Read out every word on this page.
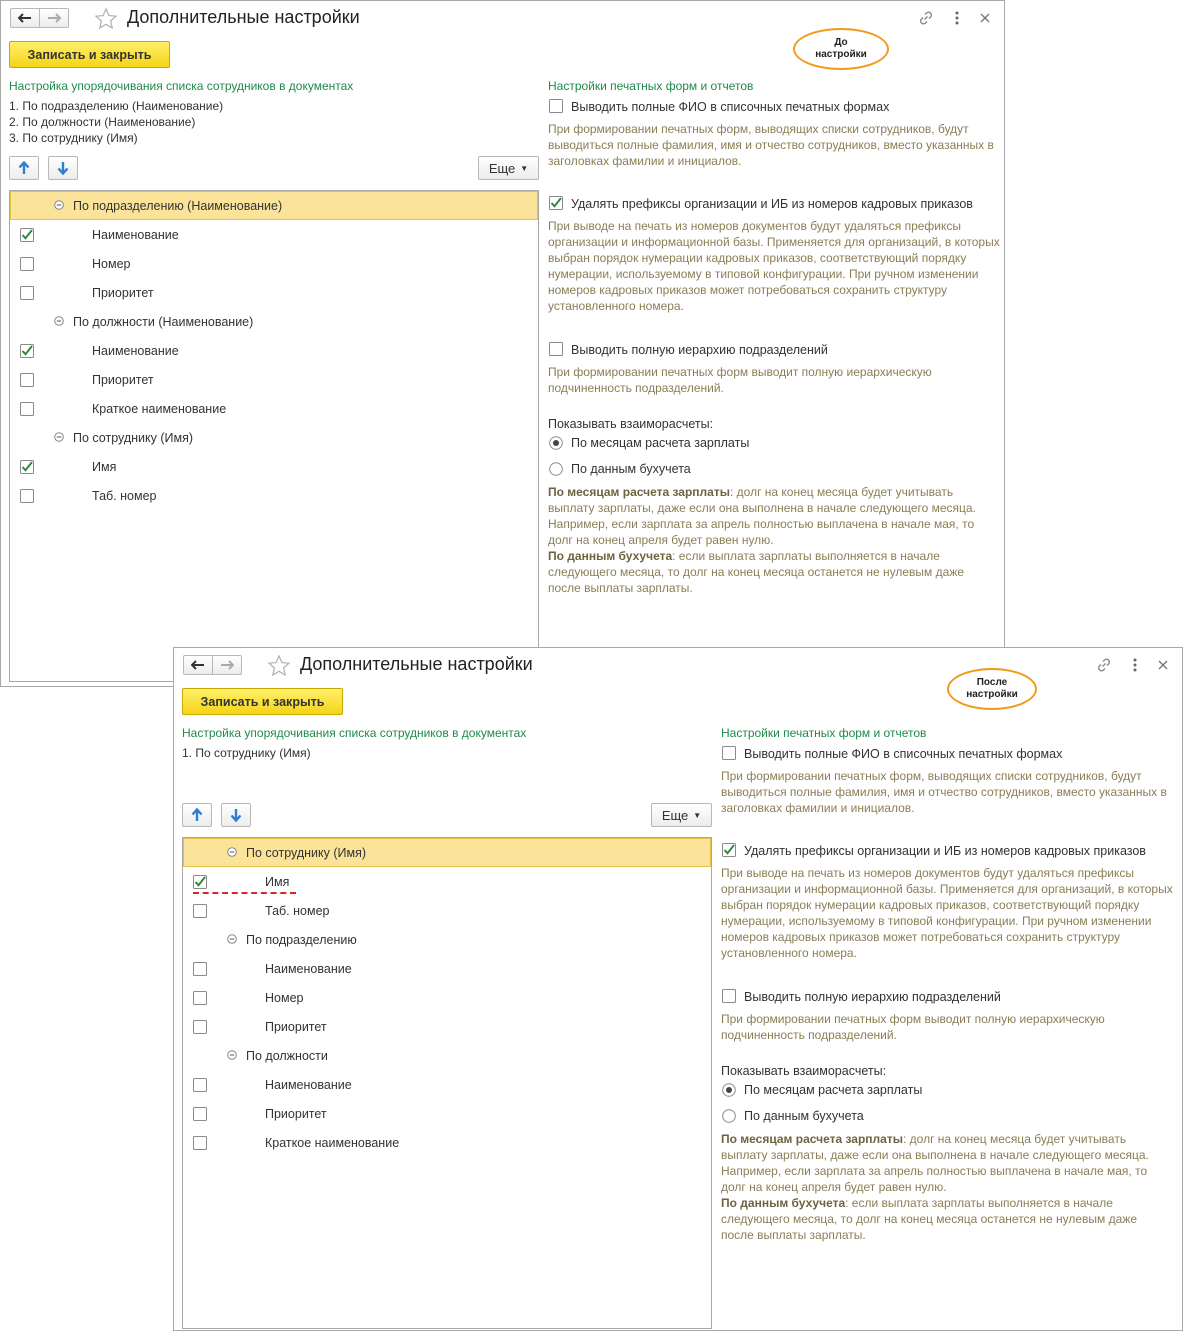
Дополнительные настройки
Записать и закрыть
До настройки
Настройка упорядочивания списка сотрудников в документах
1. По подразделению (Наименование)
2. По должности (Наименование)
3. По сотруднику (Имя)
Еще ▼
По подразделению (Наименование)
Наименование
Номер
Приоритет
По должности (Наименование)
Наименование
Приоритет
Краткое наименование
По сотруднику (Имя)
Имя
Таб. номер
Настройки печатных форм и отчетов
Выводить полные ФИО в списочных печатных формах
При формировании печатных форм, выводящих списки сотрудников, будут выводиться полные фамилия, имя и отчество сотрудников, вместо указанных в заголовках фамилии и инициалов.
Удалять префиксы организации и ИБ из номеров кадровых приказов
При выводе на печать из номеров документов будут удаляться префиксы организации и информационной базы. Применяется для организаций, в которых выбран порядок нумерации кадровых приказов, соответствующий порядку нумерации, используемому в типовой конфигурации. При ручном изменении номеров кадровых приказов может потребоваться сохранить структуру установленного номера.
Выводить полную иерархию подразделений
При формировании печатных форм выводит полную иерархическую подчиненность подразделений.
Показывать взаиморасчеты:
По месяцам расчета зарплаты
По данным бухучета
По месяцам расчета зарплаты: долг на конец месяца будет учитывать выплату зарплаты, даже если она выполнена в начале следующего месяца. Например, если зарплата за апрель полностью выплачена в начале мая, то долг на конец апреля будет равен нулю.
По данным бухучета: если выплата зарплаты выполняется в начале следующего месяца, то долг на конец месяца останется не нулевым даже после выплаты зарплаты.
Дополнительные настройки
Записать и закрыть
После настройки
Настройка упорядочивания списка сотрудников в документах
1. По сотруднику (Имя)
Еще ▼
По сотруднику (Имя)
Имя
Таб. номер
По подразделению
Наименование
Номер
Приоритет
По должности
Наименование
Приоритет
Краткое наименование
Настройки печатных форм и отчетов
Выводить полные ФИО в списочных печатных формах
При формировании печатных форм, выводящих списки сотрудников, будут выводиться полные фамилия, имя и отчество сотрудников, вместо указанных в заголовках фамилии и инициалов.
Удалять префиксы организации и ИБ из номеров кадровых приказов
При выводе на печать из номеров документов будут удаляться префиксы организации и информационной базы. Применяется для организаций, в которых выбран порядок нумерации кадровых приказов, соответствующий порядку нумерации, используемому в типовой конфигурации. При ручном изменении номеров кадровых приказов может потребоваться сохранить структуру установленного номера.
Выводить полную иерархию подразделений
При формировании печатных форм выводит полную иерархическую подчиненность подразделений.
Показывать взаиморасчеты:
По месяцам расчета зарплаты
По данным бухучета
По месяцам расчета зарплаты: долг на конец месяца будет учитывать выплату зарплаты, даже если она выполнена в начале следующего месяца. Например, если зарплата за апрель полностью выплачена в начале мая, то долг на конец апреля будет равен нулю.
По данным бухучета: если выплата зарплаты выполняется в начале следующего месяца, то долг на конец месяца останется не нулевым даже после выплаты зарплаты.
